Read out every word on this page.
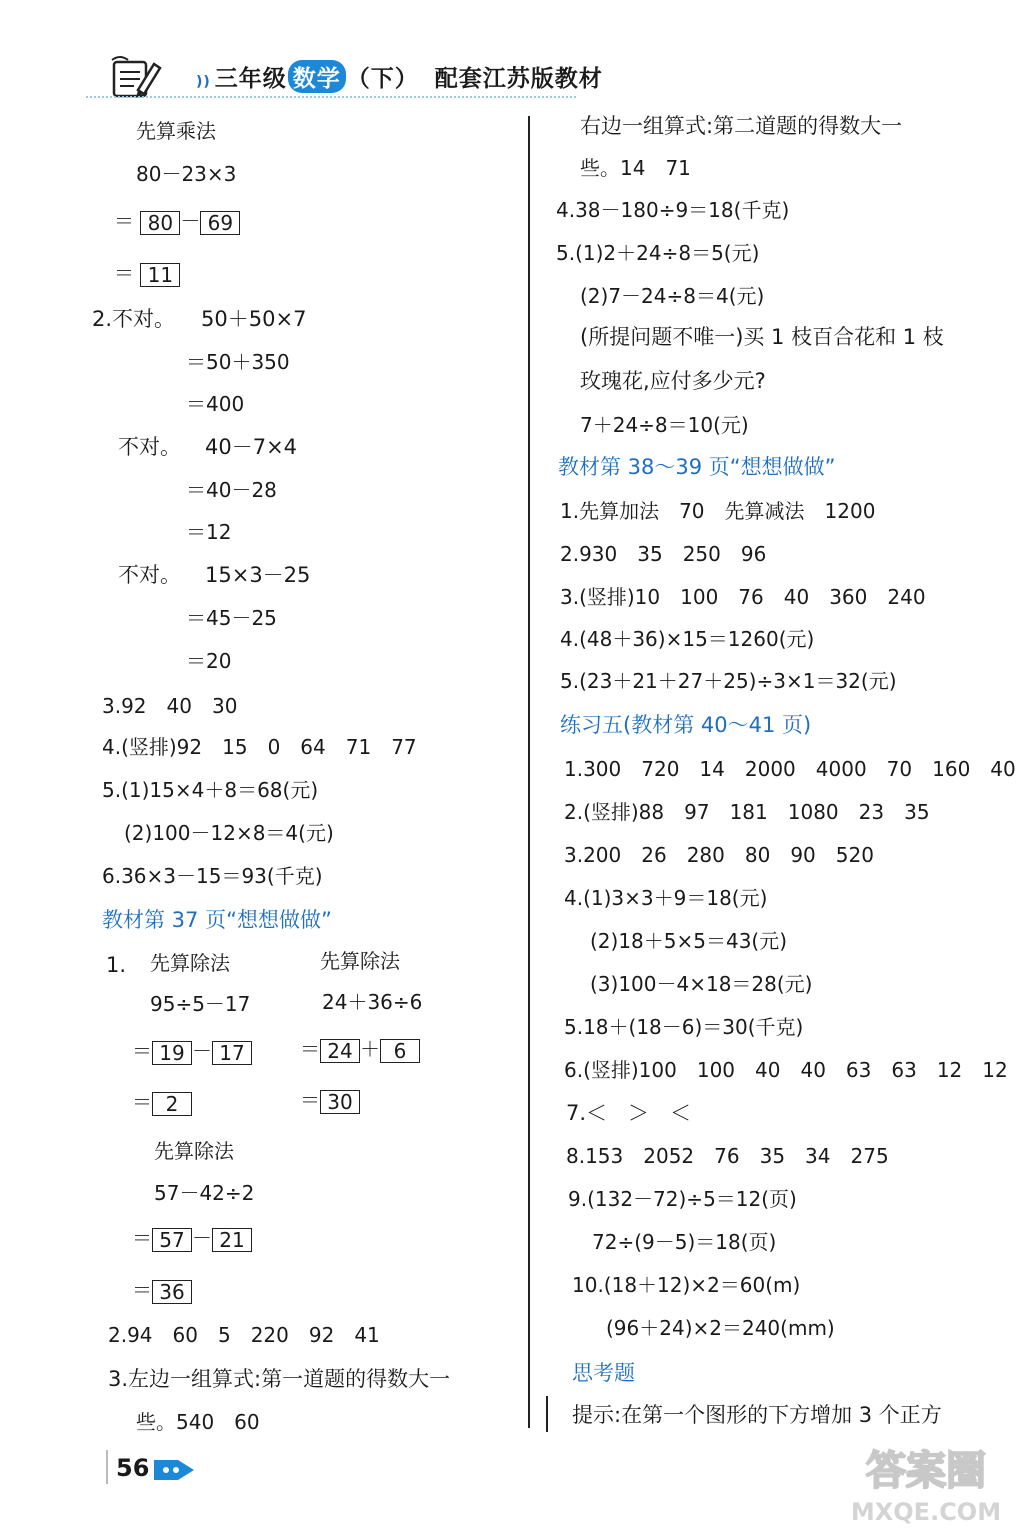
)) 三年级 数学 （下） 配套江苏版教材
先算乘法
80－23×3
＝ 80 － 69
＝ 11
2.不对。 50＋50×7
＝50＋350
＝400
不对。 40－7×4
＝40－28
＝12
不对。 15×3－25
＝45－25
＝20
3.92　40　30
4.(竖排)92　15　0　64　71　77
5.(1)15×4＋8＝68(元)
(2)100－12×8＝4(元)
6.36×3－15＝93(千克)
教材第 37 页“想想做做”
1. 先算除法	先算除法
95÷5－17	24＋36÷6
＝ 19 － 17	＝ 24 ＋ 6
＝ 2	＝ 30
先算除法
57－42÷2
＝ 57 － 21
＝ 36
2.94　60　5　220　92　41
3.左边一组算式:第一道题的得数大一
些。540　60
右边一组算式:第二道题的得数大一
些。14　71
4.38－180÷9＝18(千克)
5.(1)2＋24÷8＝5(元)
(2)7－24÷8＝4(元)
(所提问题不唯一)买 1 枝百合花和 1 枝
玫瑰花,应付多少元?
7＋24÷8＝10(元)
教材第 38～39 页“想想做做”
1.先算加法　70　先算减法　1200
2.930　35　250　96
3.(竖排)10　100　76　40　360　240
4.(48＋36)×15＝1260(元)
5.(23＋21＋27＋25)÷3×1＝32(元)
练习五(教材第 40～41 页)
1.300　720　14　2000　4000　70　160　40
2.(竖排)88　97　181　1080　23　35
3.200　26　280　80　90　520
4.(1)3×3＋9＝18(元)
(2)18＋5×5＝43(元)
(3)100－4×18＝28(元)
5.18＋(18－6)＝30(千克)
6.(竖排)100　100　40　40　63　63　12　12
7.＜　＞　＜
8.153　2052　76　35　34　275
9.(132－72)÷5＝12(页)
72÷(9－5)＝18(页)
10.(18＋12)×2＝60(m)
(96＋24)×2＝240(mm)
思考题
提示:在第一个图形的下方增加 3 个正方
56	答案圈
MXQE.COM
